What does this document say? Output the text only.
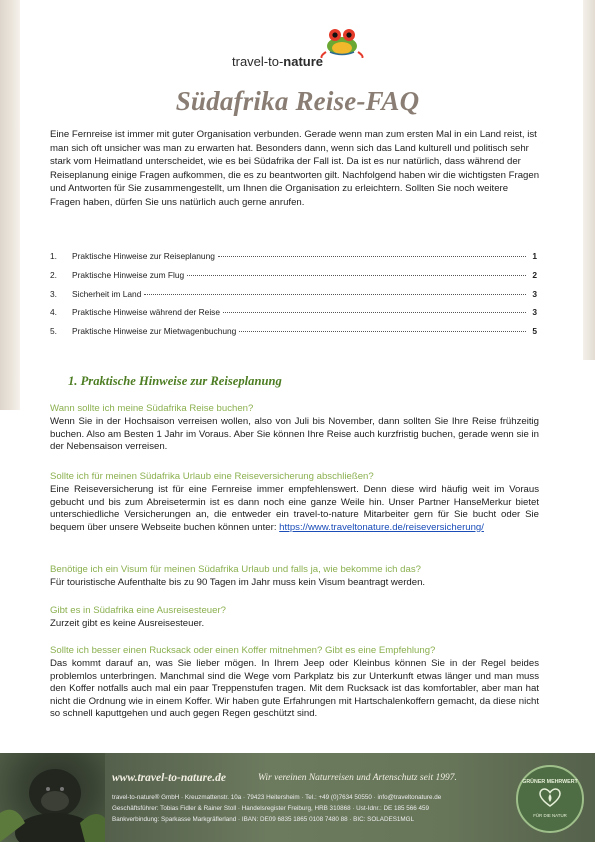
travel-to-nature
Südafrika Reise-FAQ

Eine Fernreise ist immer mit guter Organisation verbunden. Gerade wenn man zum ersten Mal in ein Land reist, ist man sich oft unsicher was man zu erwarten hat. Besonders dann, wenn sich das Land kulturell und politisch sehr stark vom Heimatland unterscheidet, wie es bei Südafrika der Fall ist. Da ist es nur natürlich, dass während der Reiseplanung einige Fragen aufkommen, die es zu beantworten gilt. Nachfolgend haben wir die wichtigsten Fragen und Antworten für Sie zusammengestellt, um Ihnen die Organisation zu erleichtern. Sollten Sie noch weitere Fragen haben, dürfen Sie uns natürlich auch gerne anrufen.

1.	Praktische Hinweise zur Reiseplanung	1
2.	Praktische Hinweise zum Flug	2
3.	Sicherheit im Land	3
4.	Praktische Hinweise während der Reise	3
5.	Praktische Hinweise zur Mietwagenbuchung	5
1. Praktische Hinweise zur Reiseplanung

Wann sollte ich meine Südafrika Reise buchen?

Wenn Sie in der Hochsaison verreisen wollen, also von Juli bis November, dann sollten Sie Ihre Reise frühzeitig buchen. Also am Besten 1 Jahr im Voraus. Aber Sie können Ihre Reise auch kurzfristig buchen, gerade wenn sie in der Nebensaison verreisen.

Sollte ich für meinen Südafrika Urlaub eine Reiseversicherung abschließen?

Eine Reiseversicherung ist für eine Fernreise immer empfehlenswert. Denn diese wird häufig weit im Voraus gebucht und bis zum Abreisetermin ist es dann noch eine ganze Weile hin. Unser Partner HanseMerkur bietet unterschiedliche Versicherungen an, die entweder ein travel-to-nature Mitarbeiter gern für Sie bucht oder Sie bequem über unsere Webseite buchen können unter: https://www.traveltonature.de/reiseversicherung/

Benötige ich ein Visum für meinen Südafrika Urlaub und falls ja, wie bekomme ich das?

Für touristische Aufenthalte bis zu 90 Tagen im Jahr muss kein Visum beantragt werden.

Gibt es in Südafrika eine Ausreisesteuer?

Zurzeit gibt es keine Ausreisesteuer.

Sollte ich besser einen Rucksack oder einen Koffer mitnehmen? Gibt es eine Empfehlung?

Das kommt darauf an, was Sie lieber mögen. In Ihrem Jeep oder Kleinbus können Sie in der Regel beides problemlos unterbringen. Manchmal sind die Wege vom Parkplatz bis zur Unterkunft etwas länger und man muss den Koffer notfalls auch mal ein paar Treppenstufen tragen. Mit dem Rucksack ist das komfortabler, aber man hat nicht die Ordnung wie in einem Koffer. Wir haben gute Erfahrungen mit Hartschalenkoffern gemacht, da diese nicht so schnell kaputtgehen und auch gegen Regen geschützt sind.

www.travel-to-nature.de	Wir vereinen Naturreisen und Artenschutz seit 1997.
travel-to-nature® GmbH · Kreuzmattenstr. 10a · 79423 Heitersheim · Tel.: +49 (0)7634 50550 · info@traveltonature.de
Geschäftsführer: Tobias Fidler & Rainer Stoll · Handelsregister Freiburg, HRB 310868 · Ust-Idnr.: DE 185 566 459
Bankverbindung: Sparkasse Markgräflerland · IBAN: DE09 6835 1865 0108 7480 88 · BIC: SOLADES1MGL
GRÜNER MEHRWERT
FÜR DIE NATUR
